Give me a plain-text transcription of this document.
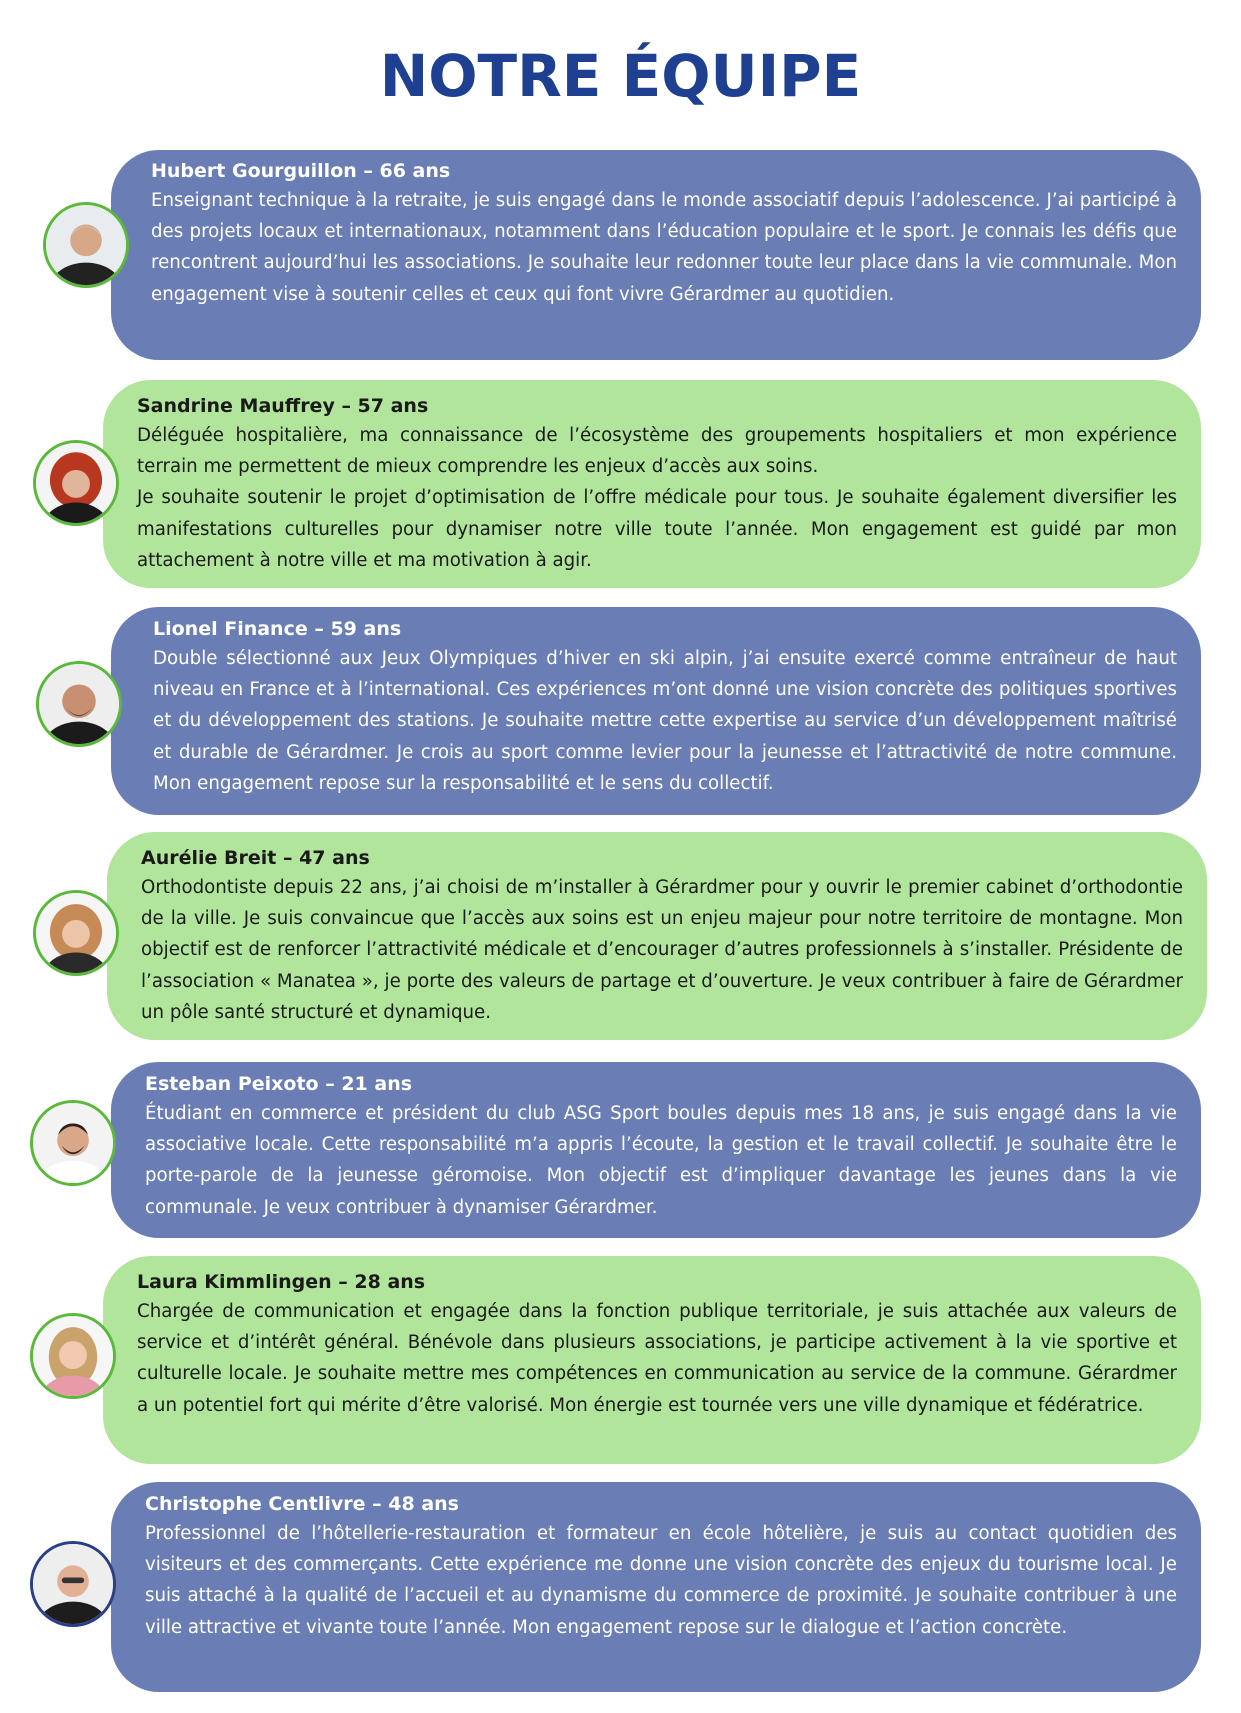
NOTRE ÉQUIPE

Hubert Gourguillon – 66 ans

Enseignant technique à la retraite, je suis engagé dans le monde associatif depuis l’adolescence. J’ai participé à des projets locaux et internationaux, notamment dans l’éducation populaire et le sport. Je connais les défis que rencontrent aujourd’hui les associations. Je souhaite leur redonner toute leur place dans la vie communale. Mon engagement vise à soutenir celles et ceux qui font vivre Gérardmer au quotidien.

Sandrine Mauffrey – 57 ans

Déléguée hospitalière, ma connaissance de l’écosystème des groupements hospitaliers et mon expérience terrain me permettent de mieux comprendre les enjeux d’accès aux soins.

Je souhaite soutenir le projet d’optimisation de l’offre médicale pour tous. Je souhaite également diversifier les manifestations culturelles pour dynamiser notre ville toute l’année. Mon engagement est guidé par mon attachement à notre ville et ma motivation à agir.

Lionel Finance – 59 ans

Double sélectionné aux Jeux Olympiques d’hiver en ski alpin, j’ai ensuite exercé comme entraîneur de haut niveau en France et à l’international. Ces expériences m’ont donné une vision concrète des politiques sportives et du développement des stations. Je souhaite mettre cette expertise au service d’un développement maîtrisé et durable de Gérardmer. Je crois au sport comme levier pour la jeunesse et l’attractivité de notre commune. Mon engagement repose sur la responsabilité et le sens du collectif.

Aurélie Breit – 47 ans

Orthodontiste depuis 22 ans, j’ai choisi de m’installer à Gérardmer pour y ouvrir le premier cabinet d’orthodontie de la ville. Je suis convaincue que l’accès aux soins est un enjeu majeur pour notre territoire de montagne. Mon objectif est de renforcer l’attractivité médicale et d’encourager d’autres professionnels à s’installer. Présidente de l’association « Manatea », je porte des valeurs de partage et d’ouverture. Je veux contribuer à faire de Gérardmer un pôle santé structuré et dynamique.

Esteban Peixoto – 21 ans

Étudiant en commerce et président du club ASG Sport boules depuis mes 18 ans, je suis engagé dans la vie associative locale. Cette responsabilité m’a appris l’écoute, la gestion et le travail collectif. Je souhaite être le porte-parole de la jeunesse géromoise. Mon objectif est d’impliquer davantage les jeunes dans la vie communale. Je veux contribuer à dynamiser Gérardmer.

Laura Kimmlingen – 28 ans

Chargée de communication et engagée dans la fonction publique territoriale, je suis attachée aux valeurs de service et d’intérêt général. Bénévole dans plusieurs associations, je participe activement à la vie sportive et culturelle locale. Je souhaite mettre mes compétences en communication au service de la commune. Gérardmer a un potentiel fort qui mérite d’être valorisé. Mon énergie est tournée vers une ville dynamique et fédératrice.

Christophe Centlivre – 48 ans

Professionnel de l’hôtellerie-restauration et formateur en école hôtelière, je suis au contact quotidien des visiteurs et des commerçants. Cette expérience me donne une vision concrète des enjeux du tourisme local. Je suis attaché à la qualité de l’accueil et au dynamisme du commerce de proximité. Je souhaite contribuer à une ville attractive et vivante toute l’année. Mon engagement repose sur le dialogue et l’action concrète.
